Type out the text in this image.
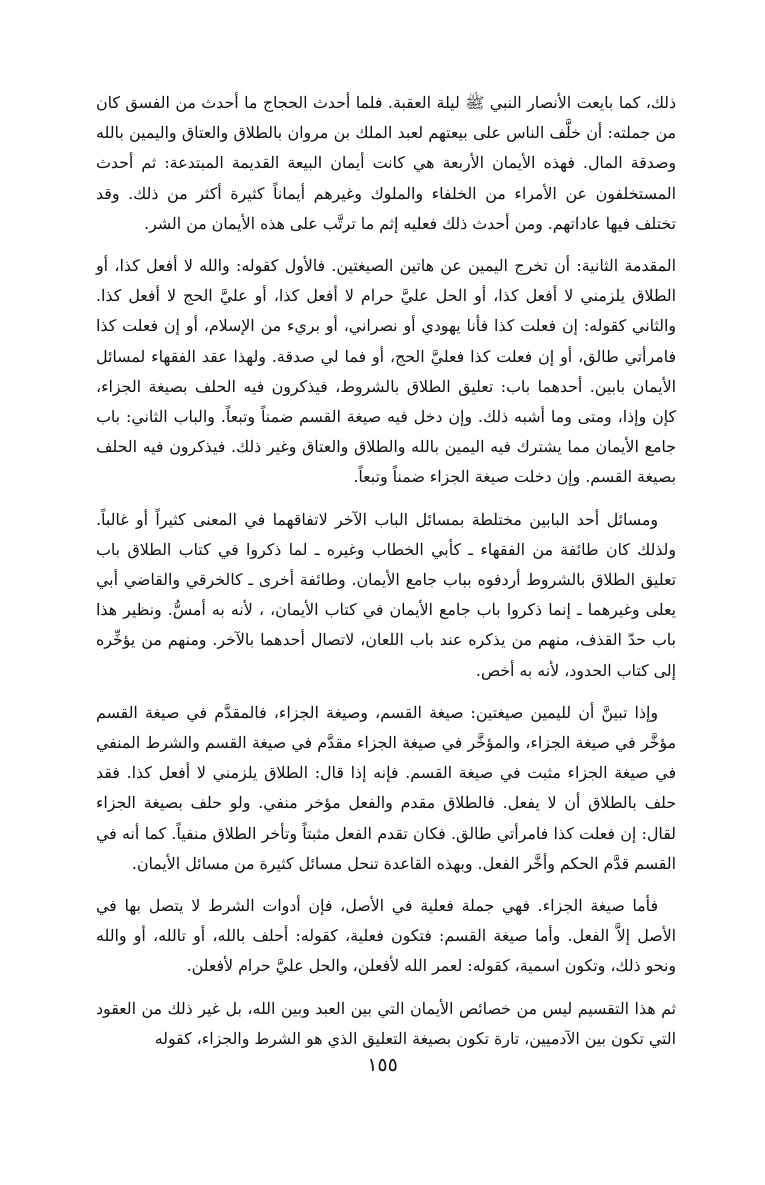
ذلك، كما بايعت الأنصار النبي ﷺ ليلة العقبة. فلما أحدث الحجاج ما أحدث من الفسق كان من جملته: أن خلَّف الناس على بيعتهم لعبد الملك بن مروان بالطلاق والعتاق واليمين بالله وصدقة المال. فهذه الأيمان الأربعة هي كانت أيمان البيعة القديمة المبتدعة: ثم أحدث المستخلفون عن الأمراء من الخلفاء والملوك وغيرهم أيماناً كثيرة أكثر من ذلك. وقد تختلف فيها عاداتهم. ومن أحدث ذلك فعليه إثم ما ترتَّب على هذه الأيمان من الشر.

المقدمة الثانية: أن تخرج اليمين عن هاتين الصيغتين. فالأول كقوله: والله لا أفعل كذا، أو الطلاق يلزمني لا أفعل كذا، أو الحل عليَّ حرام لا أفعل كذا، أو عليَّ الحج لا أفعل كذا. والثاني كقوله: إن فعلت كذا فأنا يهودي أو نصراني، أو بريء من الإسلام، أو إن فعلت كذا فامرأتي طالق، أو إن فعلت كذا فعليَّ الحج، أو فما لي صدقة. ولهذا عقد الفقهاء لمسائل الأيمان بابين. أحدهما باب: تعليق الطلاق بالشروط، فيذكرون فيه الحلف بصيغة الجزاء، كإن وإذا، ومتى وما أشبه ذلك. وإن دخل فيه صيغة القسم ضمناً وتبعاً. والباب الثاني: باب جامع الأيمان مما يشترك فيه اليمين بالله والطلاق والعتاق وغير ذلك. فيذكرون فيه الحلف بصيغة القسم. وإن دخلت صيغة الجزاء ضمناً وتبعاً.

ومسائل أحد البابين مختلطة بمسائل الباب الآخر لاتفاقهما في المعنى كثيراً أو غالباً. ولذلك كان طائفة من الفقهاء ـ كأبي الخطاب وغيره ـ لما ذكروا في كتاب الطلاق باب تعليق الطلاق بالشروط أردفوه بباب جامع الأيمان. وطائفة أخرى ـ كالخرقي والقاضي أبي يعلى وغيرهما ـ إنما ذكروا باب جامع الأيمان في كتاب الأيمان، ، لأنه به أمسُّ. ونظير هذا باب حدّ القذف، منهم من يذكره عند باب اللعان، لاتصال أحدهما بالآخر. ومنهم من يؤخِّره إلى كتاب الحدود، لأنه به أخص.

وإذا تبينَّ أن لليمين صيغتين: صيغة القسم، وصيغة الجزاء، فالمقدَّم في صيغة القسم مؤخَّر في صيغة الجزاء، والمؤخَّر في صيغة الجزاء مقدَّم في صيغة القسم والشرط المنفي في صيغة الجزاء مثبت في صيغة القسم. فإنه إذا قال: الطلاق يلزمني لا أفعل كذا. فقد حلف بالطلاق أن لا يفعل. فالطلاق مقدم والفعل مؤخر منفي. ولو حلف بصيغة الجزاء لقال: إن فعلت كذا فامرأتي طالق. فكان تقدم الفعل مثبتاً وتأخر الطلاق منفياً. كما أنه في القسم قدَّم الحكم وأخَّر الفعل. وبهذه القاعدة تنحل مسائل كثيرة من مسائل الأيمان.

فأما صيغة الجزاء. فهي جملة فعلية في الأصل، فإن أدوات الشرط لا يتصل بها في الأصل إلاَّ الفعل. وأما صيغة القسم: فتكون فعلية، كقوله: أحلف بالله، أو تالله، أو والله ونحو ذلك، وتكون اسمية، كقوله: لعمر الله لأفعلن، والحل عليَّ حرام لأفعلن.

ثم هذا التقسيم ليس من خصائص الأيمان التي بين العبد وبين الله، بل غير ذلك من العقود التي تكون بين الآدميين، تارة تكون بصيغة التعليق الذي هو الشرط والجزاء، كقوله

١٥٥
